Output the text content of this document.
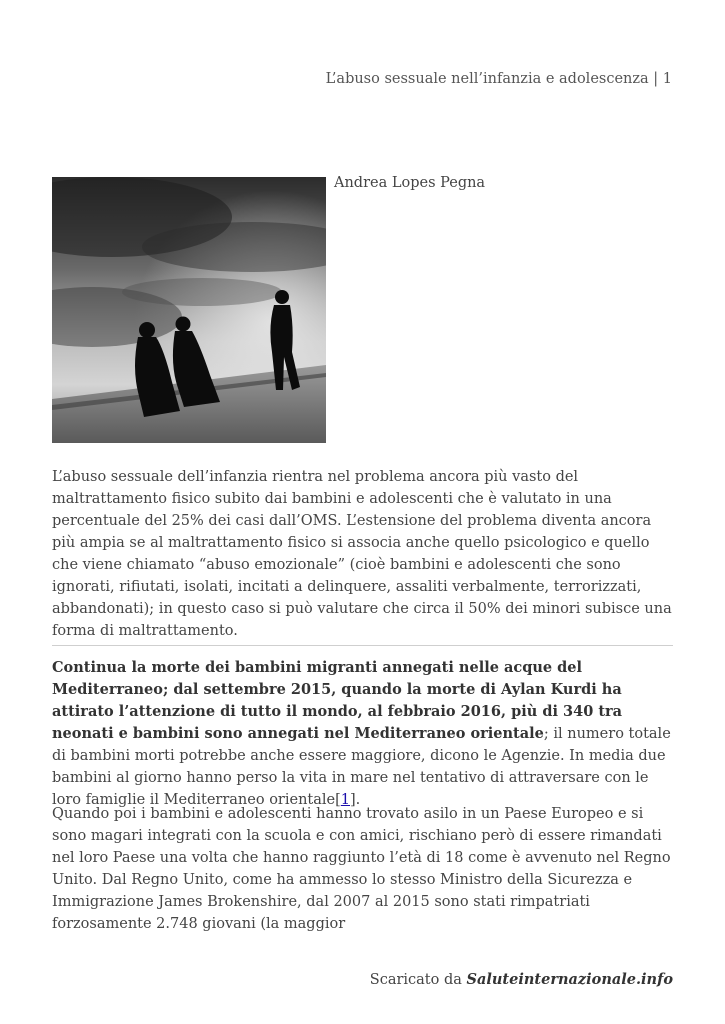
L’abuso sessuale nell’infanzia e adolescenza | 1
Andrea Lopes Pegna

L’abuso sessuale dell’infanzia rientra nel problema ancora più vasto del maltrattamento fisico subito dai bambini e adolescenti che è valutato in una percentuale del 25% dei casi dall’OMS. L’estensione del problema diventa ancora più ampia se al maltrattamento fisico si associa anche quello psicologico e quello che viene chiamato “abuso emozionale” (cioè bambini e adolescenti che sono ignorati, rifiutati, isolati, incitati a delinquere, assaliti verbalmente, terrorizzati, abbandonati); in questo caso si può valutare che circa il 50% dei minori subisce una forma di maltrattamento.

Continua la morte dei bambini migranti annegati nelle acque del Mediterraneo; dal settembre 2015, quando la morte di Aylan Kurdi ha attirato l’attenzione di tutto il mondo, al febbraio 2016, più di 340 tra neonati e bambini sono annegati nel Mediterraneo orientale; il numero totale di bambini morti potrebbe anche essere maggiore, dicono le Agenzie. In media due bambini al giorno hanno perso la vita in mare nel tentativo di attraversare con le loro famiglie il Mediterraneo orientale[1].

Quando poi i bambini e adolescenti hanno trovato asilo in un Paese Europeo e si sono magari integrati con la scuola e con amici, rischiano però di essere rimandati nel loro Paese una volta che hanno raggiunto l’età di 18 come è avvenuto nel Regno Unito. Dal Regno Unito, come ha ammesso lo stesso Ministro della Sicurezza e Immigrazione James Brokenshire, dal 2007 al 2015 sono stati rimpatriati forzosamente 2.748 giovani (la maggior

Scaricato da Saluteinternazionale.info
